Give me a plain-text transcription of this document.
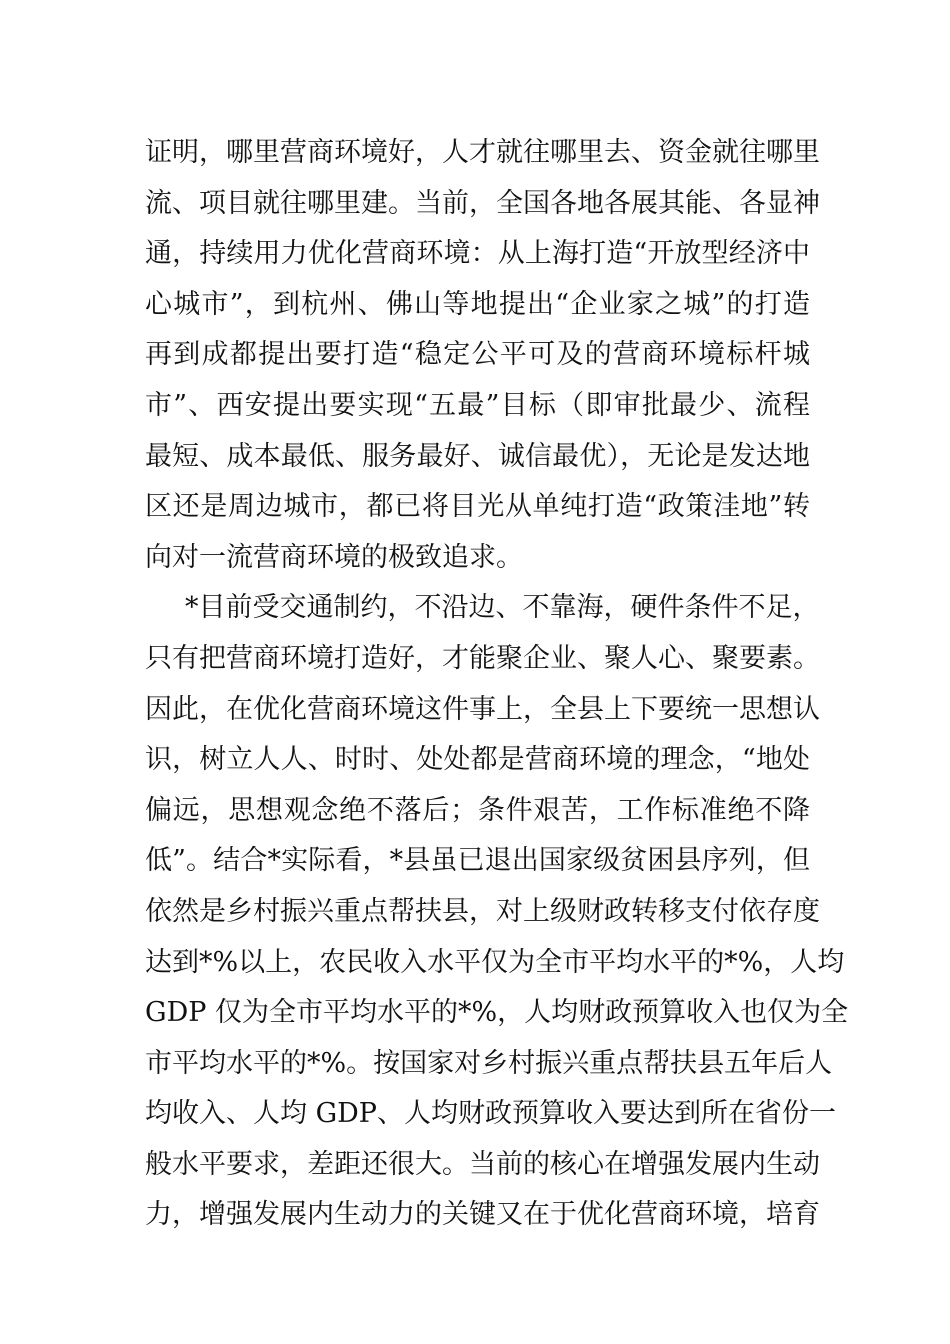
证明，哪里营商环境好，人才就往哪里去、资金就往哪里
流、项目就往哪里建。当前，全国各地各展其能、各显神
通，持续用力优化营商环境：从上海打造“开放型经济中
心城市”，到杭州、佛山等地提出“企业家之城”的打造
再到成都提出要打造“稳定公平可及的营商环境标杆城
市”、西安提出要实现“五最”目标（即审批最少、流程
最短、成本最低、服务最好、诚信最优），无论是发达地
区还是周边城市，都已将目光从单纯打造“政策洼地”转
向对一流营商环境的极致追求。
*目前受交通制约，不沿边、不靠海，硬件条件不足，
只有把营商环境打造好，才能聚企业、聚人心、聚要素。
因此，在优化营商环境这件事上，全县上下要统一思想认
识，树立人人、时时、处处都是营商环境的理念，“地处
偏远，思想观念绝不落后；条件艰苦，工作标准绝不降
低”。结合*实际看，*县虽已退出国家级贫困县序列，但
依然是乡村振兴重点帮扶县，对上级财政转移支付依存度
达到*%以上，农民收入水平仅为全市平均水平的*%，人均
GDP 仅为全市平均水平的*%，人均财政预算收入也仅为全
市平均水平的*%。按国家对乡村振兴重点帮扶县五年后人
均收入、人均 GDP、人均财政预算收入要达到所在省份一
般水平要求，差距还很大。当前的核心在增强发展内生动
力，增强发展内生动力的关键又在于优化营商环境，培育
